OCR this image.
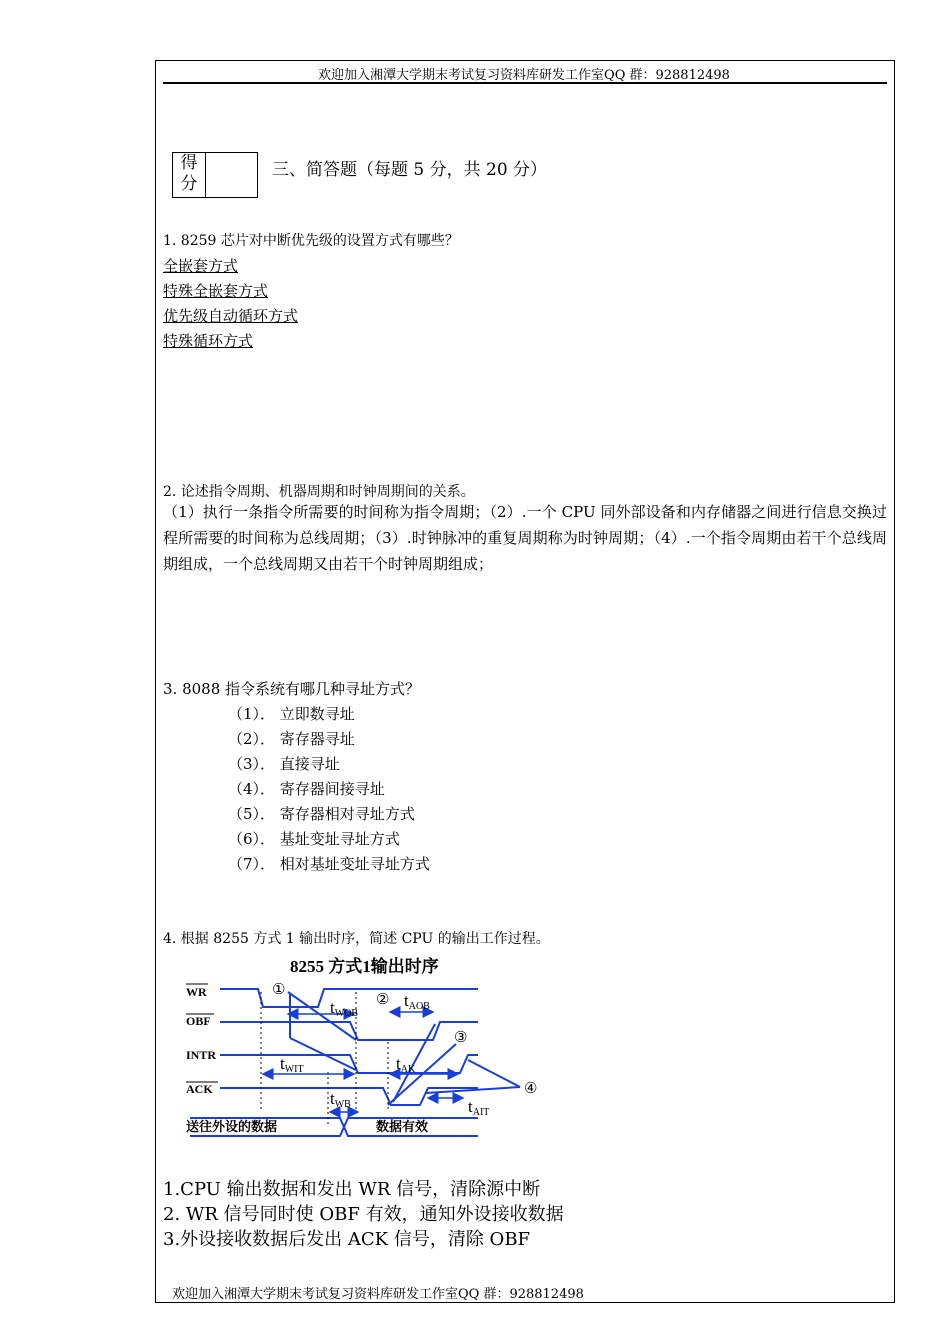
欢迎加入湘潭大学期末考试复习资料库研发工作室QQ 群：928812498
得
分
三、简答题（每题 5 分，共 20 分）
1. 8259 芯片对中断优先级的设置方式有哪些？
全嵌套方式
特殊全嵌套方式
优先级自动循环方式
特殊循环方式
2. 论述指令周期、机器周期和时钟周期间的关系。
（1）执行一条指令所需要的时间称为指令周期；（2）.一个 CPU 同外部设备和内存储器之间进行信息交换过程所需要的时间称为总线周期；（3）.时钟脉冲的重复周期称为时钟周期；（4）.一个指令周期由若干个总线周期组成，一个总线周期又由若干个时钟周期组成；
3. 8088 指令系统有哪几种寻址方式？
（1）． 立即数寻址
（2）． 寄存器寻址
（3）． 直接寻址
（4）． 寄存器间接寻址
（5）． 寄存器相对寻址方式
（6）． 基址变址寻址方式
（7）． 相对基址变址寻址方式
4. 根据 8255 方式 1 输出时序，简述 CPU 的输出工作过程。
8255 方式1输出时序
WR
OBF
INTR
ACK
送往外设的数据
①
②
③
④
tWOB
tAOB
tWIT	tAK
tWB	tAIT
数据有效
1.CPU 输出数据和发出 WR 信号，清除源中断
2. WR 信号同时使 OBF 有效，通知外设接收数据
3.外设接收数据后发出 ACK 信号，清除 OBF
欢迎加入湘潭大学期末考试复习资料库研发工作室QQ 群：928812498
